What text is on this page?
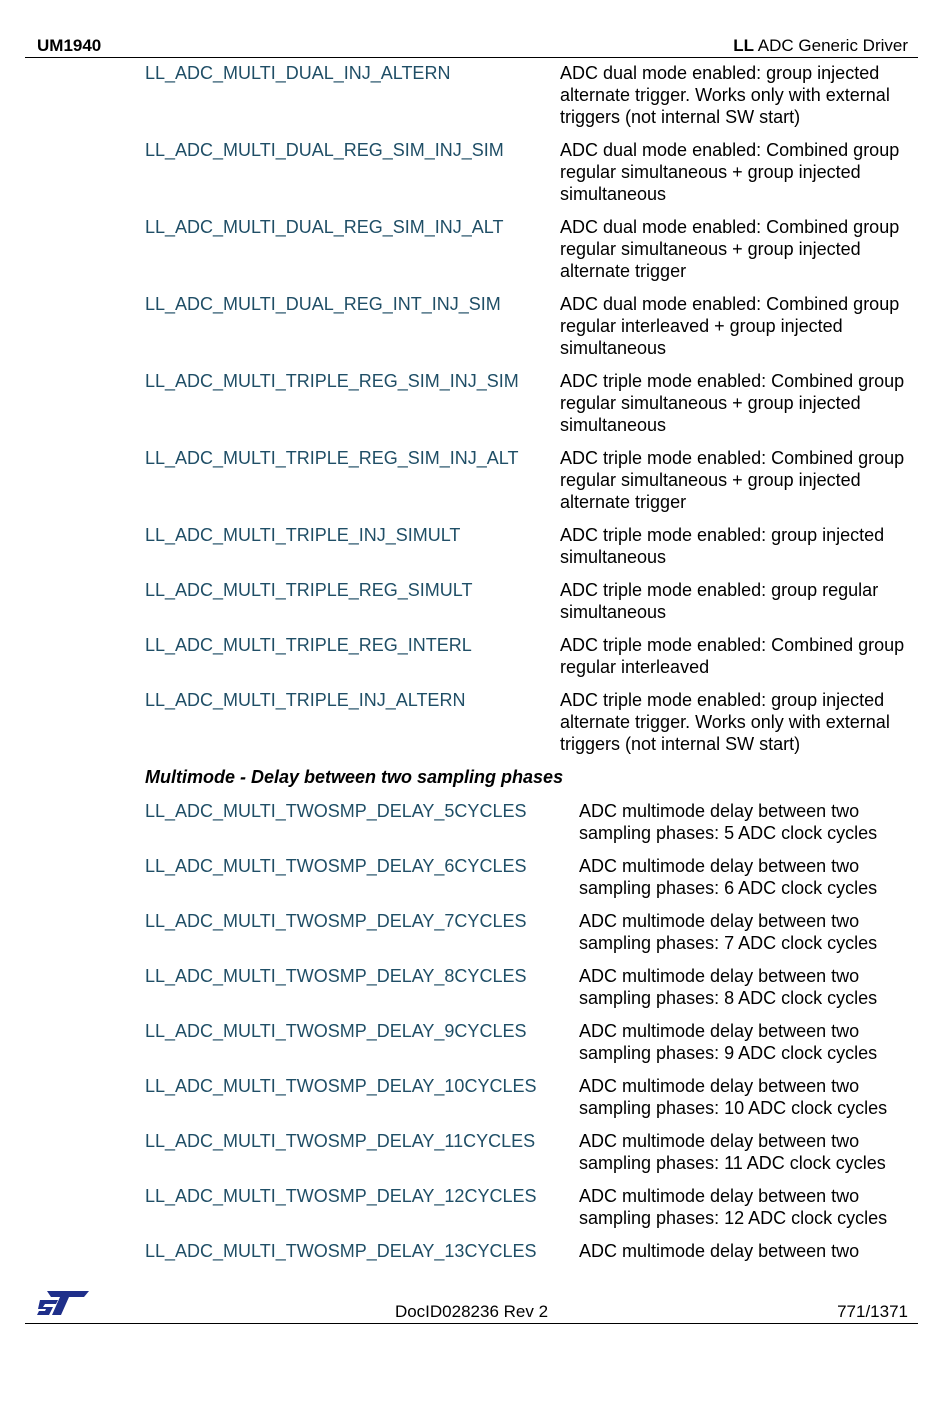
UM1940	LL ADC Generic Driver
LL_ADC_MULTI_DUAL_INJ_ALTERN	ADC dual mode enabled: group injected alternate trigger. Works only with external triggers (not internal SW start)
LL_ADC_MULTI_DUAL_REG_SIM_INJ_SIM	ADC dual mode enabled: Combined group regular simultaneous + group injected simultaneous
LL_ADC_MULTI_DUAL_REG_SIM_INJ_ALT	ADC dual mode enabled: Combined group regular simultaneous + group injected alternate trigger
LL_ADC_MULTI_DUAL_REG_INT_INJ_SIM	ADC dual mode enabled: Combined group regular interleaved + group injected simultaneous
LL_ADC_MULTI_TRIPLE_REG_SIM_INJ_SIM	ADC triple mode enabled: Combined group regular simultaneous + group injected simultaneous
LL_ADC_MULTI_TRIPLE_REG_SIM_INJ_ALT	ADC triple mode enabled: Combined group regular simultaneous + group injected alternate trigger
LL_ADC_MULTI_TRIPLE_INJ_SIMULT	ADC triple mode enabled: group injected simultaneous
LL_ADC_MULTI_TRIPLE_REG_SIMULT	ADC triple mode enabled: group regular simultaneous
LL_ADC_MULTI_TRIPLE_REG_INTERL	ADC triple mode enabled: Combined group regular interleaved
LL_ADC_MULTI_TRIPLE_INJ_ALTERN	ADC triple mode enabled: group injected alternate trigger. Works only with external triggers (not internal SW start)
Multimode - Delay between two sampling phases
LL_ADC_MULTI_TWOSMP_DELAY_5CYCLES	ADC multimode delay between two sampling phases: 5 ADC clock cycles
LL_ADC_MULTI_TWOSMP_DELAY_6CYCLES	ADC multimode delay between two sampling phases: 6 ADC clock cycles
LL_ADC_MULTI_TWOSMP_DELAY_7CYCLES	ADC multimode delay between two sampling phases: 7 ADC clock cycles
LL_ADC_MULTI_TWOSMP_DELAY_8CYCLES	ADC multimode delay between two sampling phases: 8 ADC clock cycles
LL_ADC_MULTI_TWOSMP_DELAY_9CYCLES	ADC multimode delay between two sampling phases: 9 ADC clock cycles
LL_ADC_MULTI_TWOSMP_DELAY_10CYCLES	ADC multimode delay between two sampling phases: 10 ADC clock cycles
LL_ADC_MULTI_TWOSMP_DELAY_11CYCLES	ADC multimode delay between two sampling phases: 11 ADC clock cycles
LL_ADC_MULTI_TWOSMP_DELAY_12CYCLES	ADC multimode delay between two sampling phases: 12 ADC clock cycles
LL_ADC_MULTI_TWOSMP_DELAY_13CYCLES	ADC multimode delay between two
DocID028236 Rev 2	771/1371
